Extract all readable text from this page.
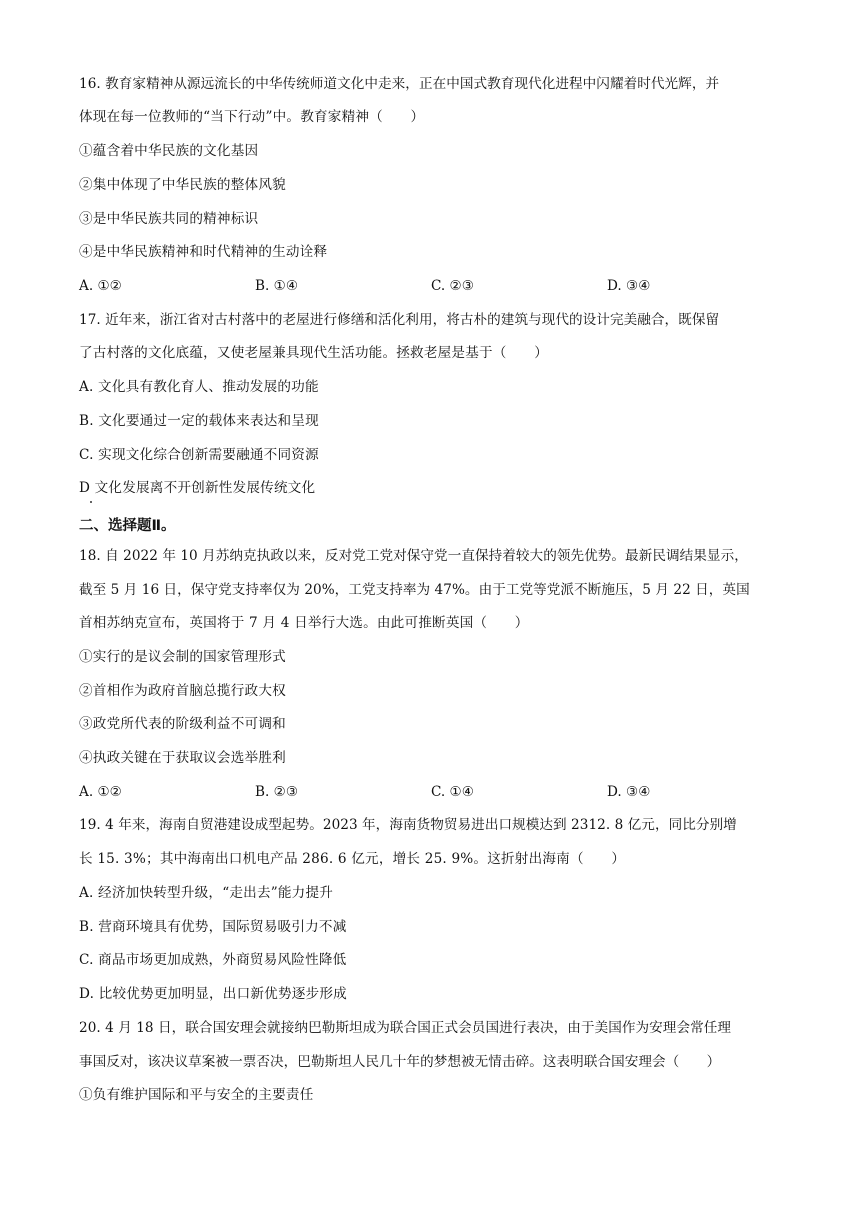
16. 教育家精神从源远流长的中华传统师道文化中走来，正在中国式教育现代化进程中闪耀着时代光辉，并
体现在每一位教师的“当下行动”中。教育家精神（　　）
①蕴含着中华民族的文化基因
②集中体现了中华民族的整体风貌
③是中华民族共同的精神标识
④是中华民族精神和时代精神的生动诠释
A. ①②	B. ①④	C. ②③	D. ③④
17. 近年来，浙江省对古村落中的老屋进行修缮和活化利用，将古朴的建筑与现代的设计完美融合，既保留
了古村落的文化底蕴，又使老屋兼具现代生活功能。拯救老屋是基于（　　）
A. 文化具有教化育人、推动发展的功能
B. 文化要通过一定的载体来表达和呈现
C. 实现文化综合创新需要融通不同资源
D 文化发展离不开创新性发展传统文化
二、选择题Ⅱ。
18. 自 2022 年 10 月苏纳克执政以来，反对党工党对保守党一直保持着较大的领先优势。最新民调结果显示，
截至 5 月 16 日，保守党支持率仅为 20%，工党支持率为 47%。由于工党等党派不断施压，5 月 22 日，英国
首相苏纳克宣布，英国将于 7 月 4 日举行大选。由此可推断英国（　　）
①实行的是议会制的国家管理形式
②首相作为政府首脑总揽行政大权
③政党所代表的阶级利益不可调和
④执政关键在于获取议会选举胜利
A. ①②	B. ②③	C. ①④	D. ③④
19. 4 年来，海南自贸港建设成型起势。2023 年，海南货物贸易进出口规模达到 2312. 8 亿元，同比分别增
长 15. 3%；其中海南出口机电产品 286. 6 亿元，增长 25. 9%。这折射出海南（　　）
A. 经济加快转型升级，“走出去”能力提升
B. 营商环境具有优势，国际贸易吸引力不减
C. 商品市场更加成熟，外商贸易风险性降低
D. 比较优势更加明显，出口新优势逐步形成
20. 4 月 18 日，联合国安理会就接纳巴勒斯坦成为联合国正式会员国进行表决，由于美国作为安理会常任理
事国反对，该决议草案被一票否决，巴勒斯坦人民几十年的梦想被无情击碎。这表明联合国安理会（　　）
①负有维护国际和平与安全的主要责任
